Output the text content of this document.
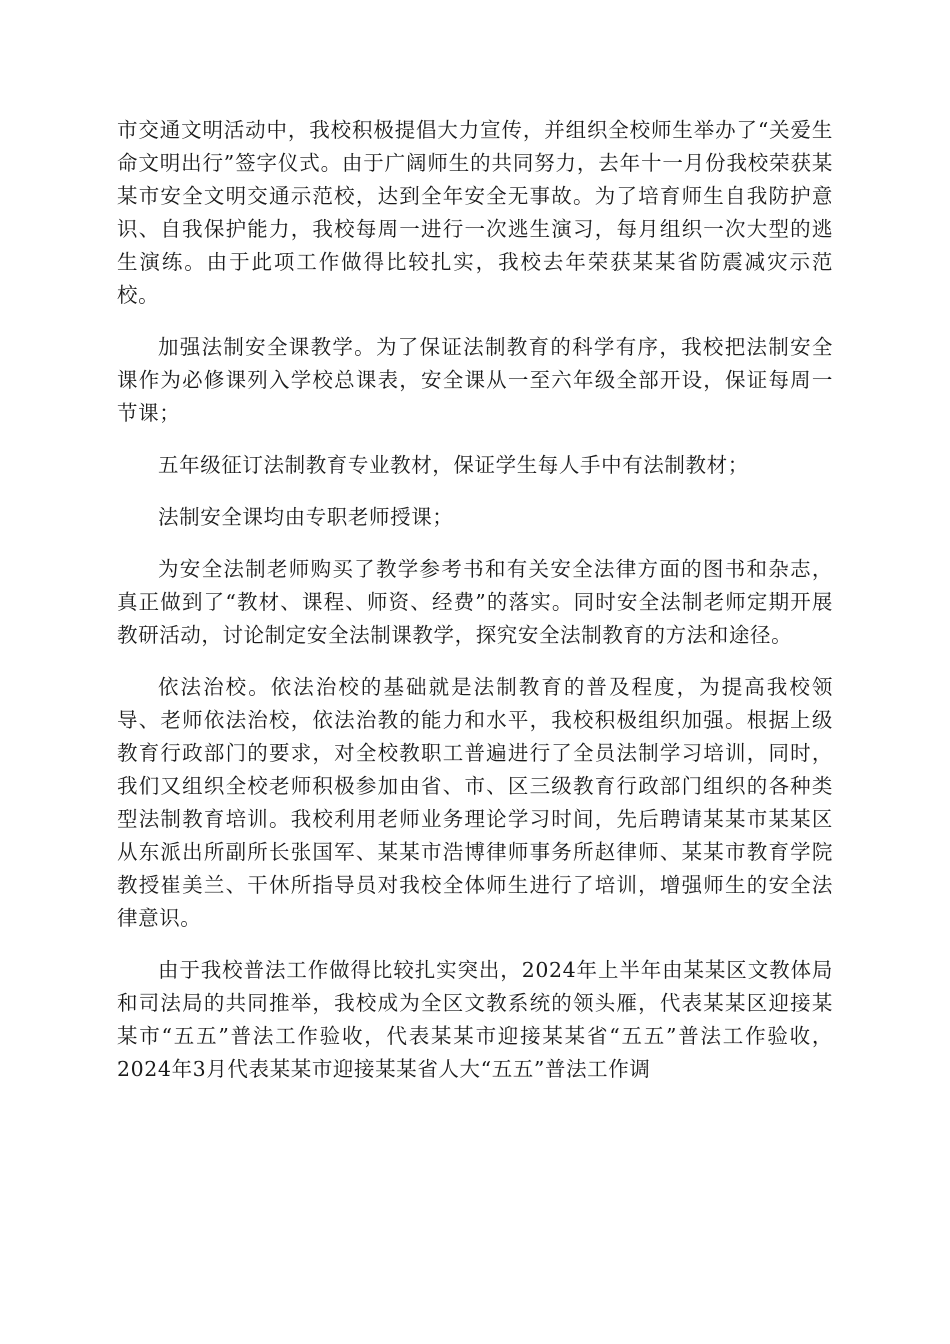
市交通文明活动中，我校积极提倡大力宣传，并组织全校师生举办了“关爱生命文明出行”签字仪式。由于广阔师生的共同努力，去年十一月份我校荣获某某市安全文明交通示范校，达到全年安全无事故。为了培育师生自我防护意识、自我保护能力，我校每周一进行一次逃生演习，每月组织一次大型的逃生演练。由于此项工作做得比较扎实，我校去年荣获某某省防震减灾示范校。

加强法制安全课教学。为了保证法制教育的科学有序，我校把法制安全课作为必修课列入学校总课表，安全课从一至六年级全部开设，保证每周一节课；

五年级征订法制教育专业教材，保证学生每人手中有法制教材；

法制安全课均由专职老师授课；

为安全法制老师购买了教学参考书和有关安全法律方面的图书和杂志，真正做到了“教材、课程、师资、经费”的落实。同时安全法制老师定期开展教研活动，讨论制定安全法制课教学，探究安全法制教育的方法和途径。

依法治校。依法治校的基础就是法制教育的普及程度，为提高我校领导、老师依法治校，依法治教的能力和水平，我校积极组织加强。根据上级教育行政部门的要求，对全校教职工普遍进行了全员法制学习培训，同时，我们又组织全校老师积极参加由省、市、区三级教育行政部门组织的各种类型法制教育培训。我校利用老师业务理论学习时间，先后聘请某某市某某区从东派出所副所长张国军、某某市浩博律师事务所赵律师、某某市教育学院教授崔美兰、干休所指导员对我校全体师生进行了培训，增强师生的安全法律意识。

由于我校普法工作做得比较扎实突出，2024年上半年由某某区文教体局和司法局的共同推举，我校成为全区文教系统的领头雁，代表某某区迎接某某市“五五”普法工作验收，代表某某市迎接某某省“五五”普法工作验收，2024年3月代表某某市迎接某某省人大“五五”普法工作调
